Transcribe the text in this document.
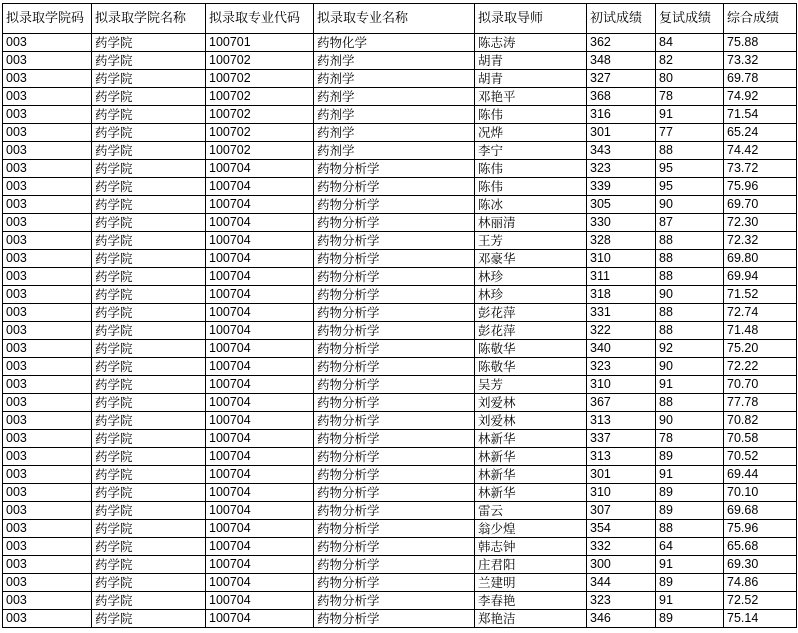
拟录取学院码	拟录取学院名称	拟录取专业代码	拟录取专业名称	拟录取导师	初试成绩	复试成绩	综合成绩
003	药学院	100701	药物化学	陈志涛	362	84	75.88
003	药学院	100702	药剂学	胡青	348	82	73.32
003	药学院	100702	药剂学	胡青	327	80	69.78
003	药学院	100702	药剂学	邓艳平	368	78	74.92
003	药学院	100702	药剂学	陈伟	316	91	71.54
003	药学院	100702	药剂学	况烨	301	77	65.24
003	药学院	100702	药剂学	李宁	343	88	74.42
003	药学院	100704	药物分析学	陈伟	323	95	73.72
003	药学院	100704	药物分析学	陈伟	339	95	75.96
003	药学院	100704	药物分析学	陈冰	305	90	69.70
003	药学院	100704	药物分析学	林丽清	330	87	72.30
003	药学院	100704	药物分析学	王芳	328	88	72.32
003	药学院	100704	药物分析学	邓豪华	310	88	69.80
003	药学院	100704	药物分析学	林珍	311	88	69.94
003	药学院	100704	药物分析学	林珍	318	90	71.52
003	药学院	100704	药物分析学	彭花萍	331	88	72.74
003	药学院	100704	药物分析学	彭花萍	322	88	71.48
003	药学院	100704	药物分析学	陈敬华	340	92	75.20
003	药学院	100704	药物分析学	陈敬华	323	90	72.22
003	药学院	100704	药物分析学	吴芳	310	91	70.70
003	药学院	100704	药物分析学	刘爱林	367	88	77.78
003	药学院	100704	药物分析学	刘爱林	313	90	70.82
003	药学院	100704	药物分析学	林新华	337	78	70.58
003	药学院	100704	药物分析学	林新华	313	89	70.52
003	药学院	100704	药物分析学	林新华	301	91	69.44
003	药学院	100704	药物分析学	林新华	310	89	70.10
003	药学院	100704	药物分析学	雷云	307	89	69.68
003	药学院	100704	药物分析学	翁少煌	354	88	75.96
003	药学院	100704	药物分析学	韩志钟	332	64	65.68
003	药学院	100704	药物分析学	庄君阳	300	91	69.30
003	药学院	100704	药物分析学	兰建明	344	89	74.86
003	药学院	100704	药物分析学	李春艳	323	91	72.52
003	药学院	100704	药物分析学	郑艳洁	346	89	75.14
